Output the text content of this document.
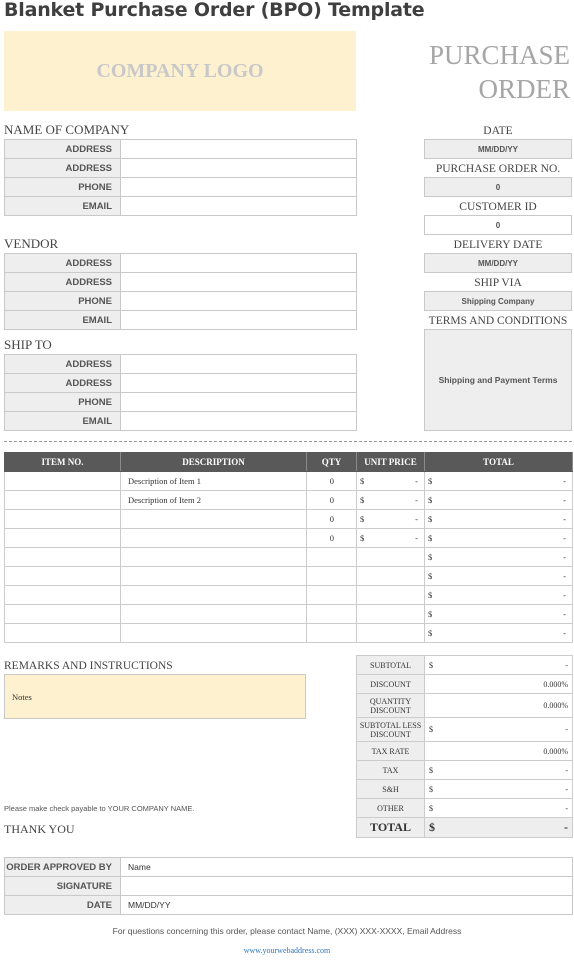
Blanket Purchase Order (BPO) Template
COMPANY LOGO
PURCHASE ORDER
NAME OF COMPANY
ADDRESS	
ADDRESS	
PHONE	
EMAIL	
VENDOR
ADDRESS	
ADDRESS	
PHONE	
EMAIL	
SHIP TO
ADDRESS	
ADDRESS	
PHONE	
EMAIL	
DATE
MM/DD/YY
PURCHASE ORDER NO.
0
CUSTOMER ID
0
DELIVERY DATE
MM/DD/YY
SHIP VIA
Shipping Company
TERMS AND CONDITIONS
Shipping and Payment Terms
ITEM NO.	DESCRIPTION	QTY	UNIT PRICE	TOTAL
	Description of Item 1	0	$ -	$ -

	Description of Item 2	0	$ -	$ -

		0	$ -	$ -

		0	$ -	$ -

				$ -

				$ -

				$ -

				$ -

				$ -
REMARKS AND INSTRUCTIONS
Notes
Please make check payable to YOUR COMPANY NAME.
THANK YOU
SUBTOTAL	$ -

DISCOUNT	0.000%

QUANTITY DISCOUNT	0.000%

SUBTOTAL LESS DISCOUNT	$ -

TAX RATE	0.000%

TAX	$ -

S&H	$ -

OTHER	$ -

TOTAL	$ -
ORDER APPROVED BY	Name
SIGNATURE	
DATE	MM/DD/YY
For questions concerning this order, please contact Name, (XXX) XXX-XXXX, Email Address
www.yourwebaddress.com
